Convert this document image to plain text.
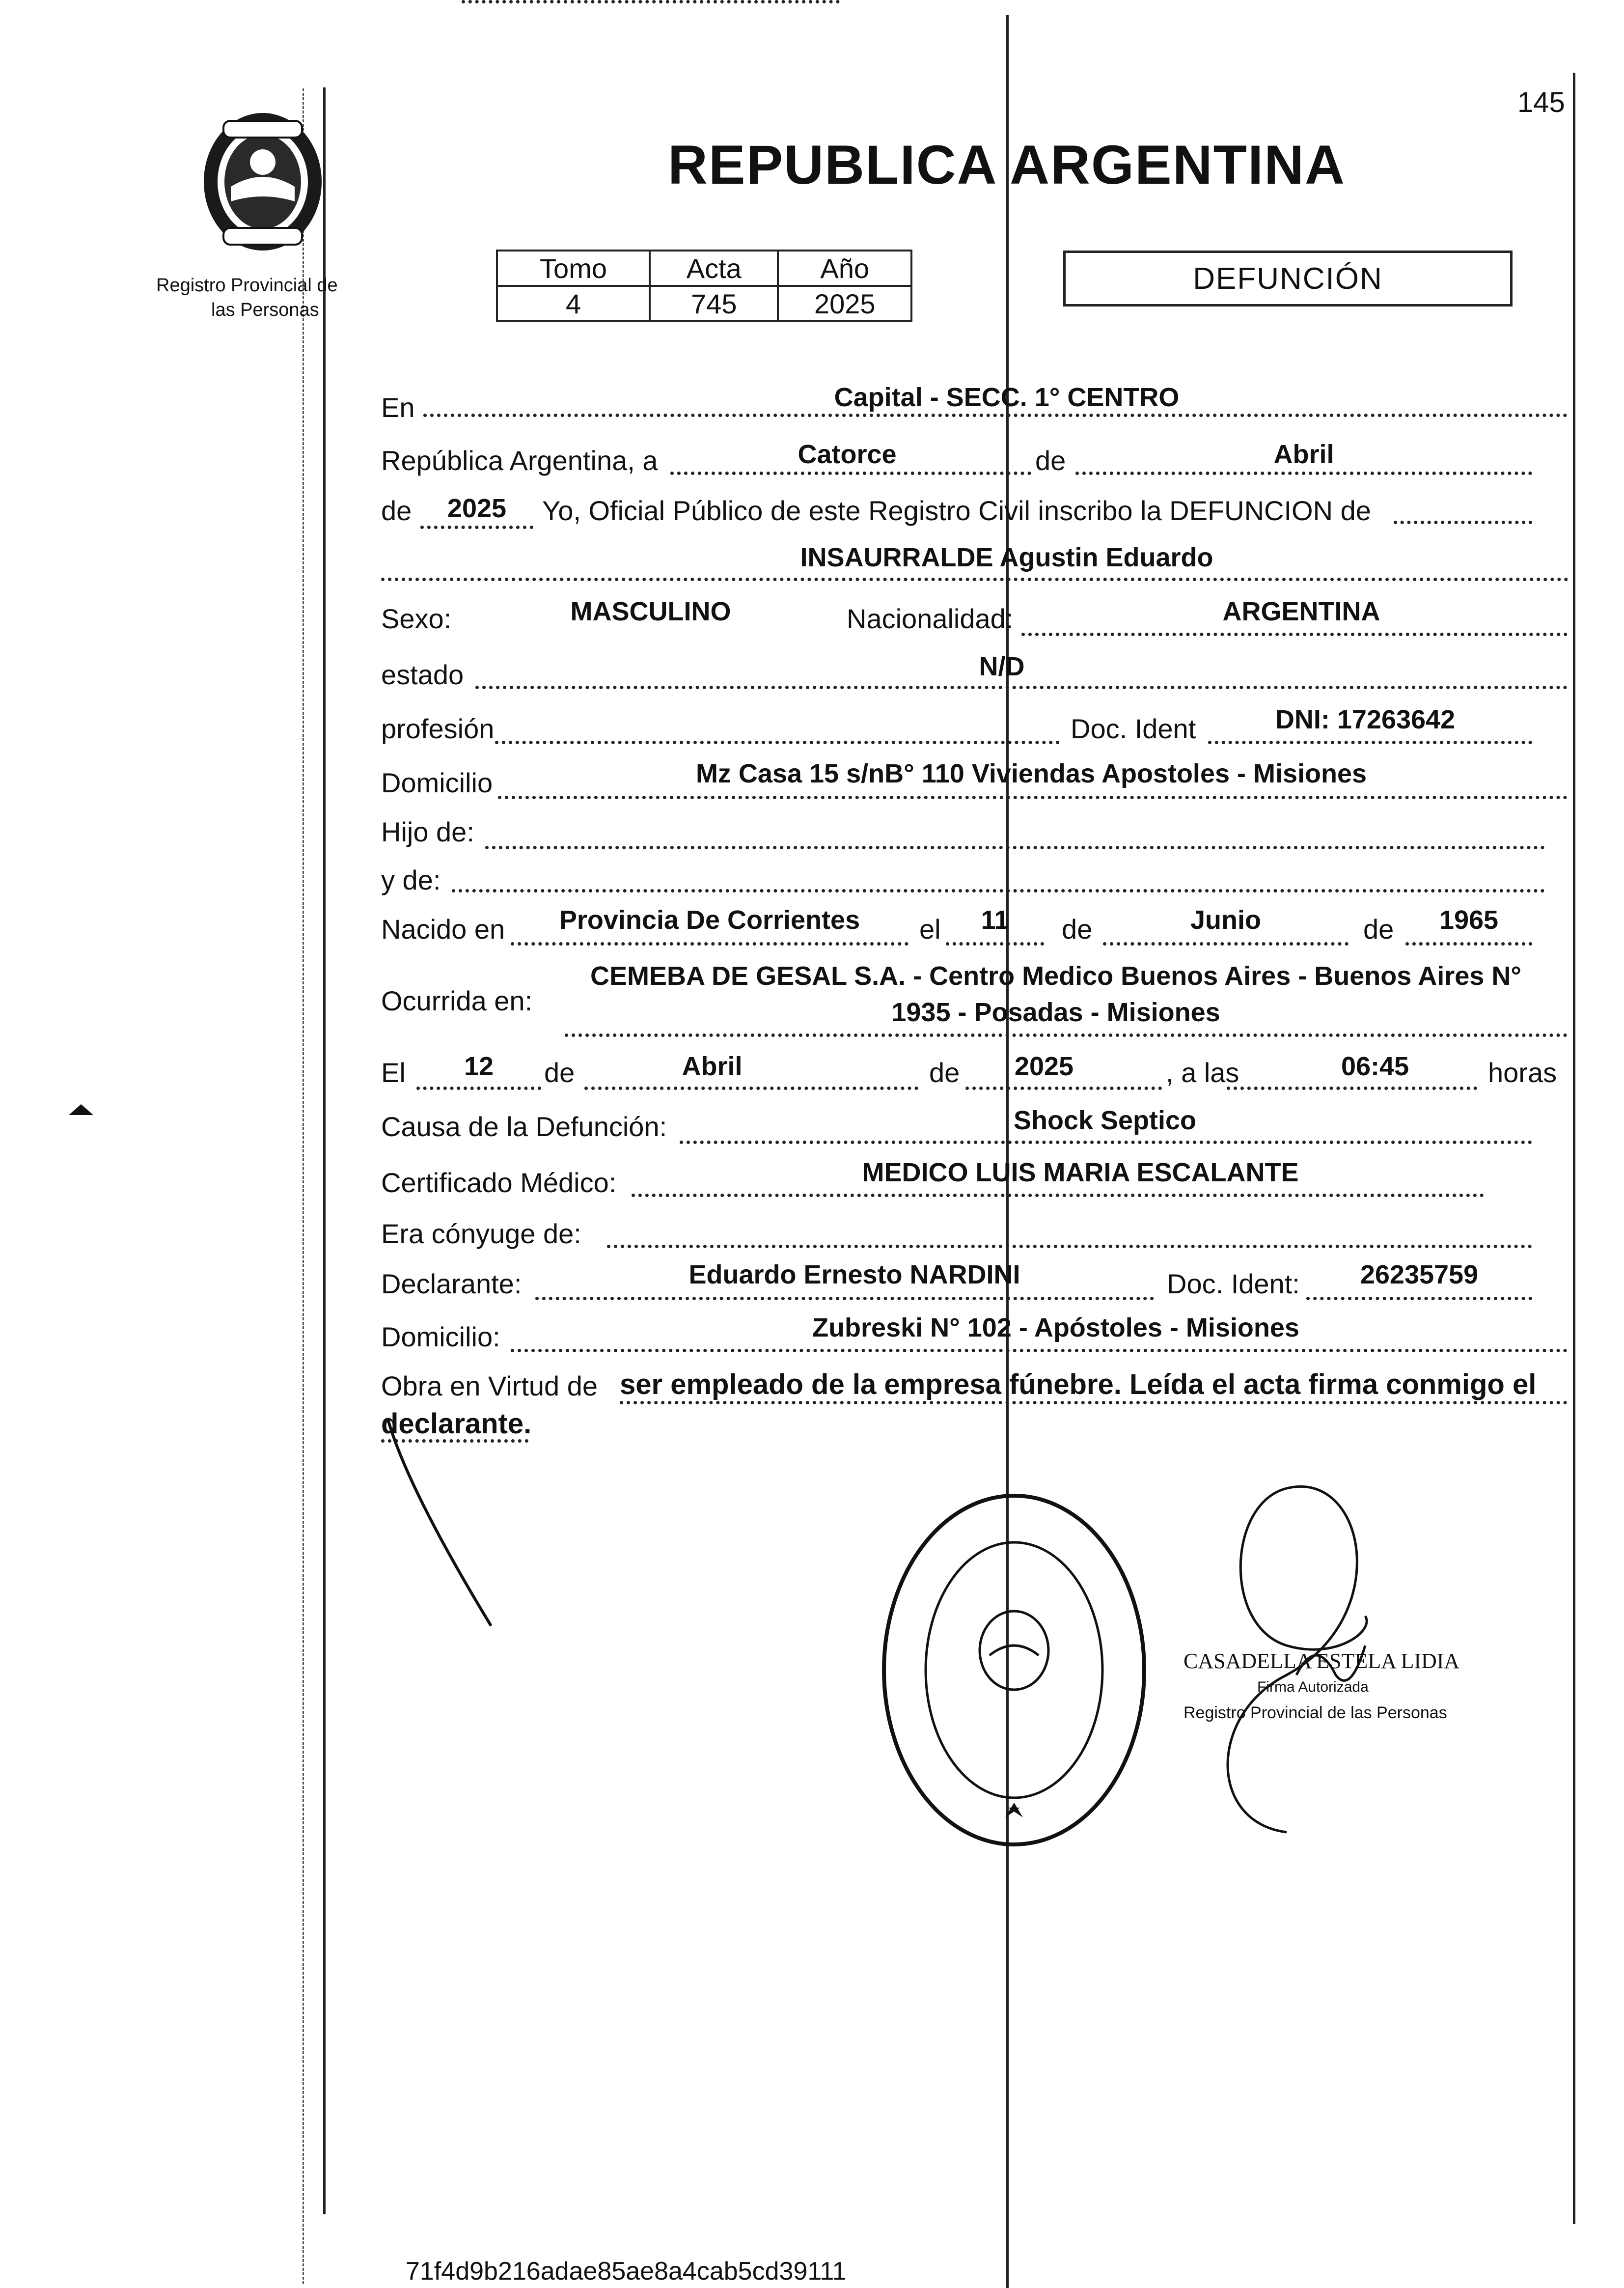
145
Registro Provincial de
las Personas
REPUBLICA ARGENTINA
Tomo	Acta	Año
4	745	2025
DEFUNCIÓN
En	Capital - SECC. 1° CENTRO
República Argentina, a	Catorce	de	Abril
de	2025	Yo, Oficial Público de este Registro Civil inscribo la DEFUNCION de
INSAURRALDE Agustin Eduardo
Sexo:	MASCULINO	Nacionalidad:	ARGENTINA
estado	N/D
profesión	Doc. Ident	DNI: 17263642
Domicilio	Mz Casa 15 s/nB° 110 Viviendas Apostoles - Misiones
Hijo de:
y de:
Nacido en	Provincia De Corrientes	el	11	de	Junio	de	1965
Ocurrida en:
CEMEBA DE GESAL S.A. - Centro Medico Buenos Aires - Buenos Aires N°
1935 - Posadas - Misiones
El	12	de	Abril	de	2025	, a las	06:45	horas
Causa de la Defunción:	Shock Septico
Certificado Médico:	MEDICO LUIS MARIA ESCALANTE
Era cónyuge de:
Declarante:	Eduardo Ernesto NARDINI	Doc. Ident:	26235759
Domicilio:	Zubreski N° 102 - Apóstoles - Misiones
Obra en Virtud de ser empleado de la empresa fúnebre. Leída el acta firma conmigo el
declarante.
CASADELLA ESTELA LIDIA
Firma Autorizada
Registro Provincial de las Personas
71f4d9b216adae85ae8a4cab5cd39111
